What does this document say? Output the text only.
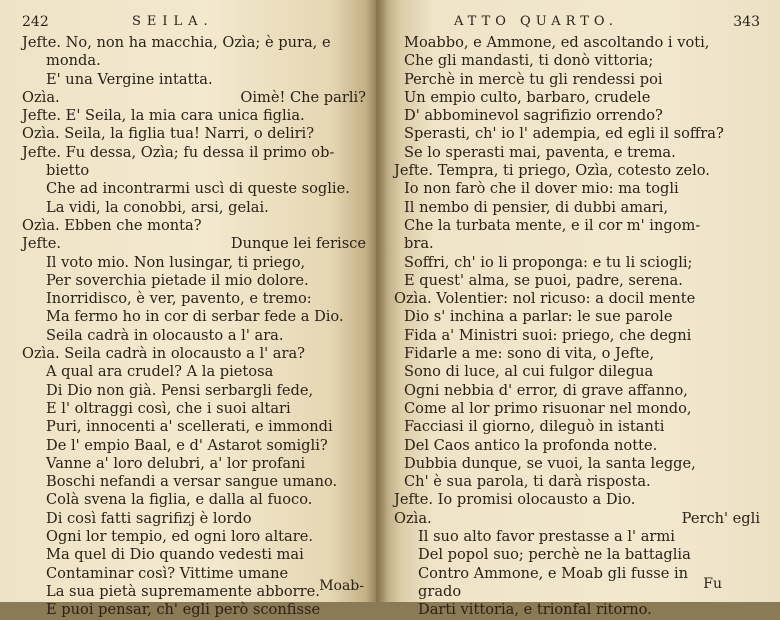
242	SEILA.
Jefte. No, non ha macchia, Ozìa; è pura, e
monda.
E' una Vergine intatta.
Ozìa.	Oimè! Che parli?
Jefte. E' Seila, la mia cara unica figlia.
Ozìa. Seila, la figlia tua! Narri, o deliri?
Jefte. Fu dessa, Ozìa; fu dessa il primo ob-
bietto
Che ad incontrarmi uscì di queste soglie.
La vidi, la conobbi, arsi, gelai.
Ozìa. Ebben che monta?
Jefte.	Dunque lei ferisce
Il voto mio. Non lusingar, ti priego,
Per soverchia pietade il mio dolore.
Inorridisco, è ver, pavento, e tremo:
Ma fermo ho in cor di serbar fede a Dio.
Seila cadrà in olocausto a l' ara.
Ozìa. Seila cadrà in olocausto a l' ara?
A qual ara crudel? A la pietosa
Di Dio non già. Pensi serbargli fede,
E l' oltraggi così, che i suoi altari
Puri, innocenti a' scellerati, e immondi
De l' empio Baal, e d' Astarot somigli?
Vanne a' loro delubri, a' lor profani
Boschi nefandi a versar sangue umano.
Colà svena la figlia, e dalla al fuoco.
Di così fatti sagrifizj è lordo
Ogni lor tempio, ed ogni loro altare.
Ma quel di Dio quando vedesti mai
Contaminar così? Vittime umane
La sua pietà supremamente abborre.
E puoi pensar, ch' egli però sconfisse
Moab-
ATTO QUARTO.	343
Moabbo, e Ammone, ed ascoltando i voti,
Che gli mandasti, ti donò vittoria;
Perchè in mercè tu gli rendessi poi
Un empio culto, barbaro, crudele
D' abbominevol sagrifizio orrendo?
Sperasti, ch' io l' adempia, ed egli il soffra?
Se lo sperasti mai, paventa, e trema.
Jefte. Tempra, ti priego, Ozìa, cotesto zelo.
Io non farò che il dover mio: ma togli
Il nembo di pensier, di dubbi amari,
Che la turbata mente, e il cor m' ingom-
bra.
Soffri, ch' io li proponga: e tu li sciogli;
E quest' alma, se puoi, padre, serena.
Ozìa. Volentier: nol ricuso: a docil mente
Dio s' inchina a parlar: le sue parole
Fida a' Ministri suoi: priego, che degni
Fidarle a me: sono di vita, o Jefte,
Sono di luce, al cui fulgor dilegua
Ogni nebbia d' error, di grave affanno,
Come al lor primo risuonar nel mondo,
Facciasi il giorno, dileguò in istanti
Del Caos antico la profonda notte.
Dubbia dunque, se vuoi, la santa legge,
Ch' è sua parola, ti darà risposta.
Jefte. Io promisi olocausto a Dio.
Ozìa.	Perch' egli
Il suo alto favor prestasse a l' armi
Del popol suo; perchè ne la battaglia
Contro Ammone, e Moab gli fusse in
grado
Darti vittoria, e trionfal ritorno.
Fu
